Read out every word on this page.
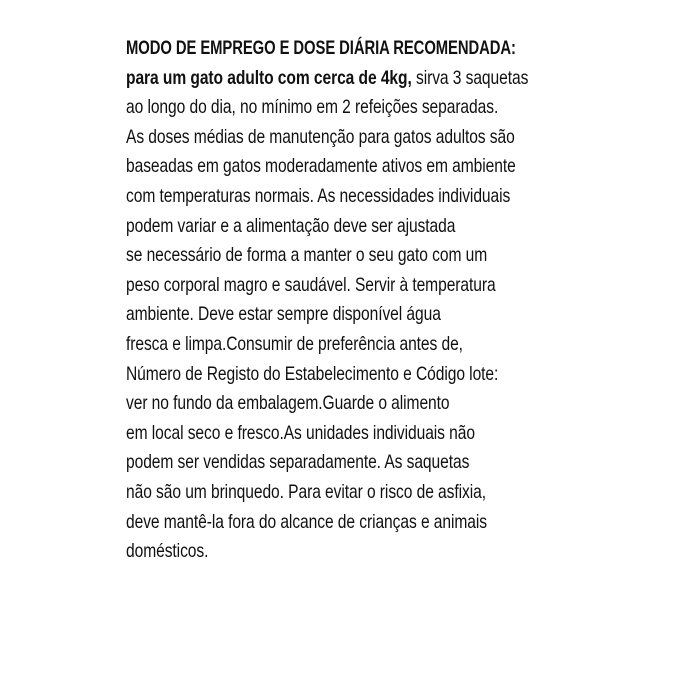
MODO DE EMPREGO E DOSE DIÁRIA RECOMENDADA:
para um gato adulto com cerca de 4kg, sirva 3 saquetas
ao longo do dia, no mínimo em 2 refeições separadas.
As doses médias de manutenção para gatos adultos são
baseadas em gatos moderadamente ativos em ambiente
com temperaturas normais. As necessidades individuais
podem variar e a alimentação deve ser ajustada
se necessário de forma a manter o seu gato com um
peso corporal magro e saudável. Servir à temperatura
ambiente. Deve estar sempre disponível água
fresca e limpa.Consumir de preferência antes de,
Número de Registo do Estabelecimento e Código lote:
ver no fundo da embalagem.Guarde o alimento
em local seco e fresco.As unidades individuais não
podem ser vendidas separadamente. As saquetas
não são um brinquedo. Para evitar o risco de asfixia,
deve mantê-la fora do alcance de crianças e animais
domésticos.
